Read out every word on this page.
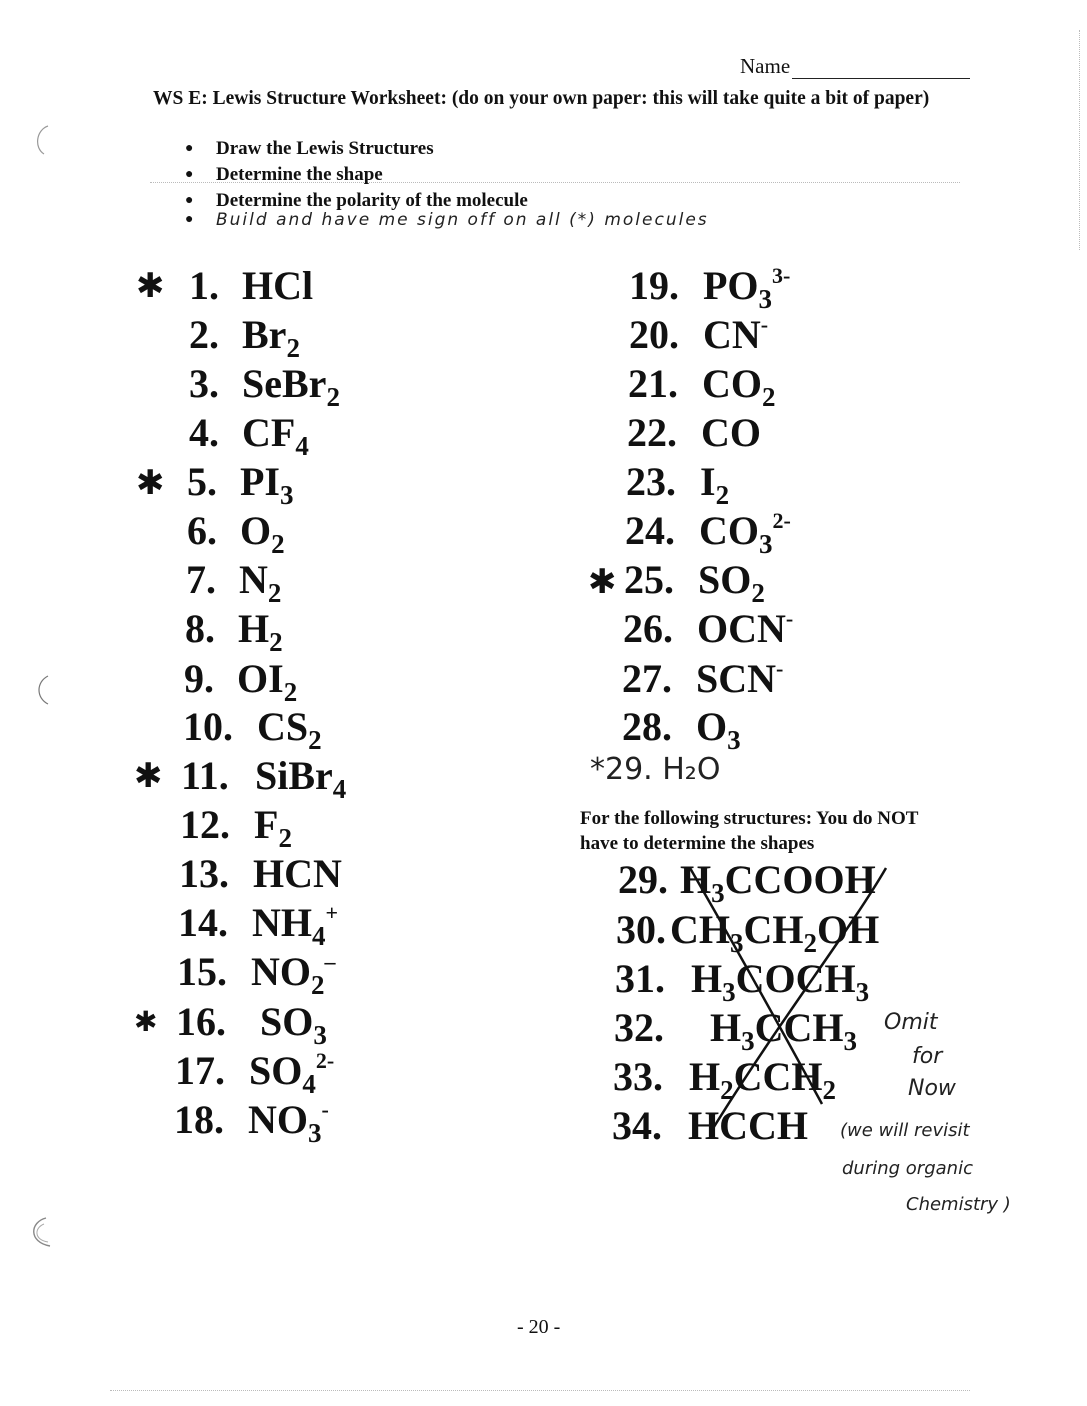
Name
WS E: Lewis Structure Worksheet: (do on your own paper: this will take quite a bit of paper)
●	Draw the Lewis Structures
●	Determine the shape
●	Determine the polarity of the molecule
●	Build and have me sign off on all (*) molecules
✱ 1. HCl
2. $Br_2$
3. SeBr$_2$
4. $CF_4$
✱ 5. $PI_3$
6. $O_2$
7. $N_2$
8. $H_2$
9. $OI_2$
10. $CS_2$
✱ 11. SiBr$_4$
12. $F_2$
13. HCN
14. $NH_4^+$
15. $NO_2^-$
✱ 16. $SO_3$
17. $SO_4^{2-}$
18. $NO_3^-$
19. $PO_3^{3-}$
20. CN-
21. $CO_2$
22. CO
23. $I_2$
24. $CO_3^{2-}$
✱ 25. $SO_2$
26. OCN-
27. SCN-
28. $O_3$
*29. H₂O
For the following structures: You do NOT have to determine the shapes
29. $H_3CCOOH$
30. $CH_3CH_2OH$
31. $H_3COCH_3$
32. $H_3CCH_3$
33. $H_2CCH_2$
34. HCCH
Omit
for
Now
(we will revisit
during organic
Chemistry )
- 20 -
